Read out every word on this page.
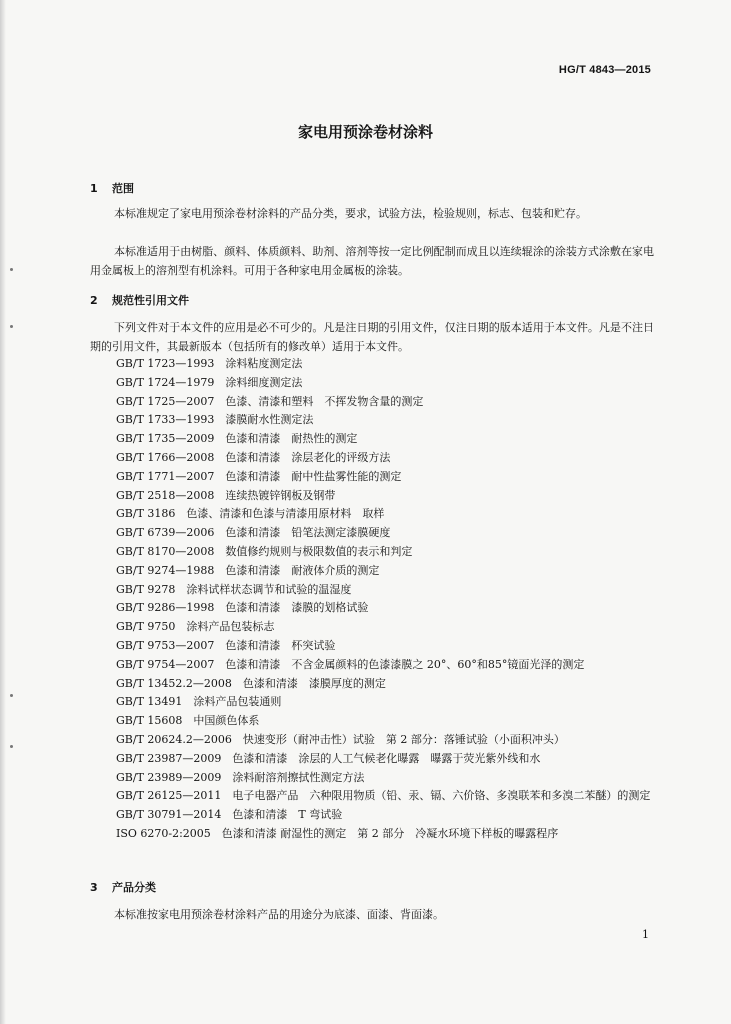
HG/T 4843—2015
家电用预涂卷材涂料
1 范围
本标准规定了家电用预涂卷材涂料的产品分类，要求，试验方法，检验规则，标志、包装和贮存。
本标准适用于由树脂、颜料、体质颜料、助剂、溶剂等按一定比例配制而成且以连续辊涂的涂装方式涂敷在家电用金属板上的溶剂型有机涂料。可用于各种家电用金属板的涂装。
2 规范性引用文件
下列文件对于本文件的应用是必不可少的。凡是注日期的引用文件，仅注日期的版本适用于本文件。凡是不注日期的引用文件，其最新版本（包括所有的修改单）适用于本文件。
GB/T 1723—1993　涂料粘度测定法
GB/T 1724—1979　涂料细度测定法
GB/T 1725—2007　色漆、清漆和塑料　不挥发物含量的测定
GB/T 1733—1993　漆膜耐水性测定法
GB/T 1735—2009　色漆和清漆　耐热性的测定
GB/T 1766—2008　色漆和清漆　涂层老化的评级方法
GB/T 1771—2007　色漆和清漆　耐中性盐雾性能的测定
GB/T 2518—2008　连续热镀锌钢板及钢带
GB/T 3186　色漆、清漆和色漆与清漆用原材料　取样
GB/T 6739—2006　色漆和清漆　铅笔法测定漆膜硬度
GB/T 8170—2008　数值修约规则与极限数值的表示和判定
GB/T 9274—1988　色漆和清漆　耐液体介质的测定
GB/T 9278　涂料试样状态调节和试验的温湿度
GB/T 9286—1998　色漆和清漆　漆膜的划格试验
GB/T 9750　涂料产品包装标志
GB/T 9753—2007　色漆和清漆　杯突试验
GB/T 9754—2007　色漆和清漆　不含金属颜料的色漆漆膜之 20°、60°和85°镜面光泽的测定
GB/T 13452.2—2008　色漆和清漆　漆膜厚度的测定
GB/T 13491　涂料产品包装通则
GB/T 15608　中国颜色体系
GB/T 20624.2—2006　快速变形（耐冲击性）试验　第 2 部分：落锤试验（小面积冲头）
GB/T 23987—2009　色漆和清漆　涂层的人工气候老化曝露　曝露于荧光紫外线和水
GB/T 23989—2009　涂料耐溶剂擦拭性测定方法
GB/T 26125—2011　电子电器产品　六种限用物质（铅、汞、镉、六价铬、多溴联苯和多溴二苯醚）的测定
GB/T 30791—2014　色漆和清漆　T 弯试验
ISO 6270-2:2005　色漆和清漆 耐湿性的测定　第 2 部分　冷凝水环境下样板的曝露程序
3 产品分类
本标准按家电用预涂卷材涂料产品的用途分为底漆、面漆、背面漆。
1
